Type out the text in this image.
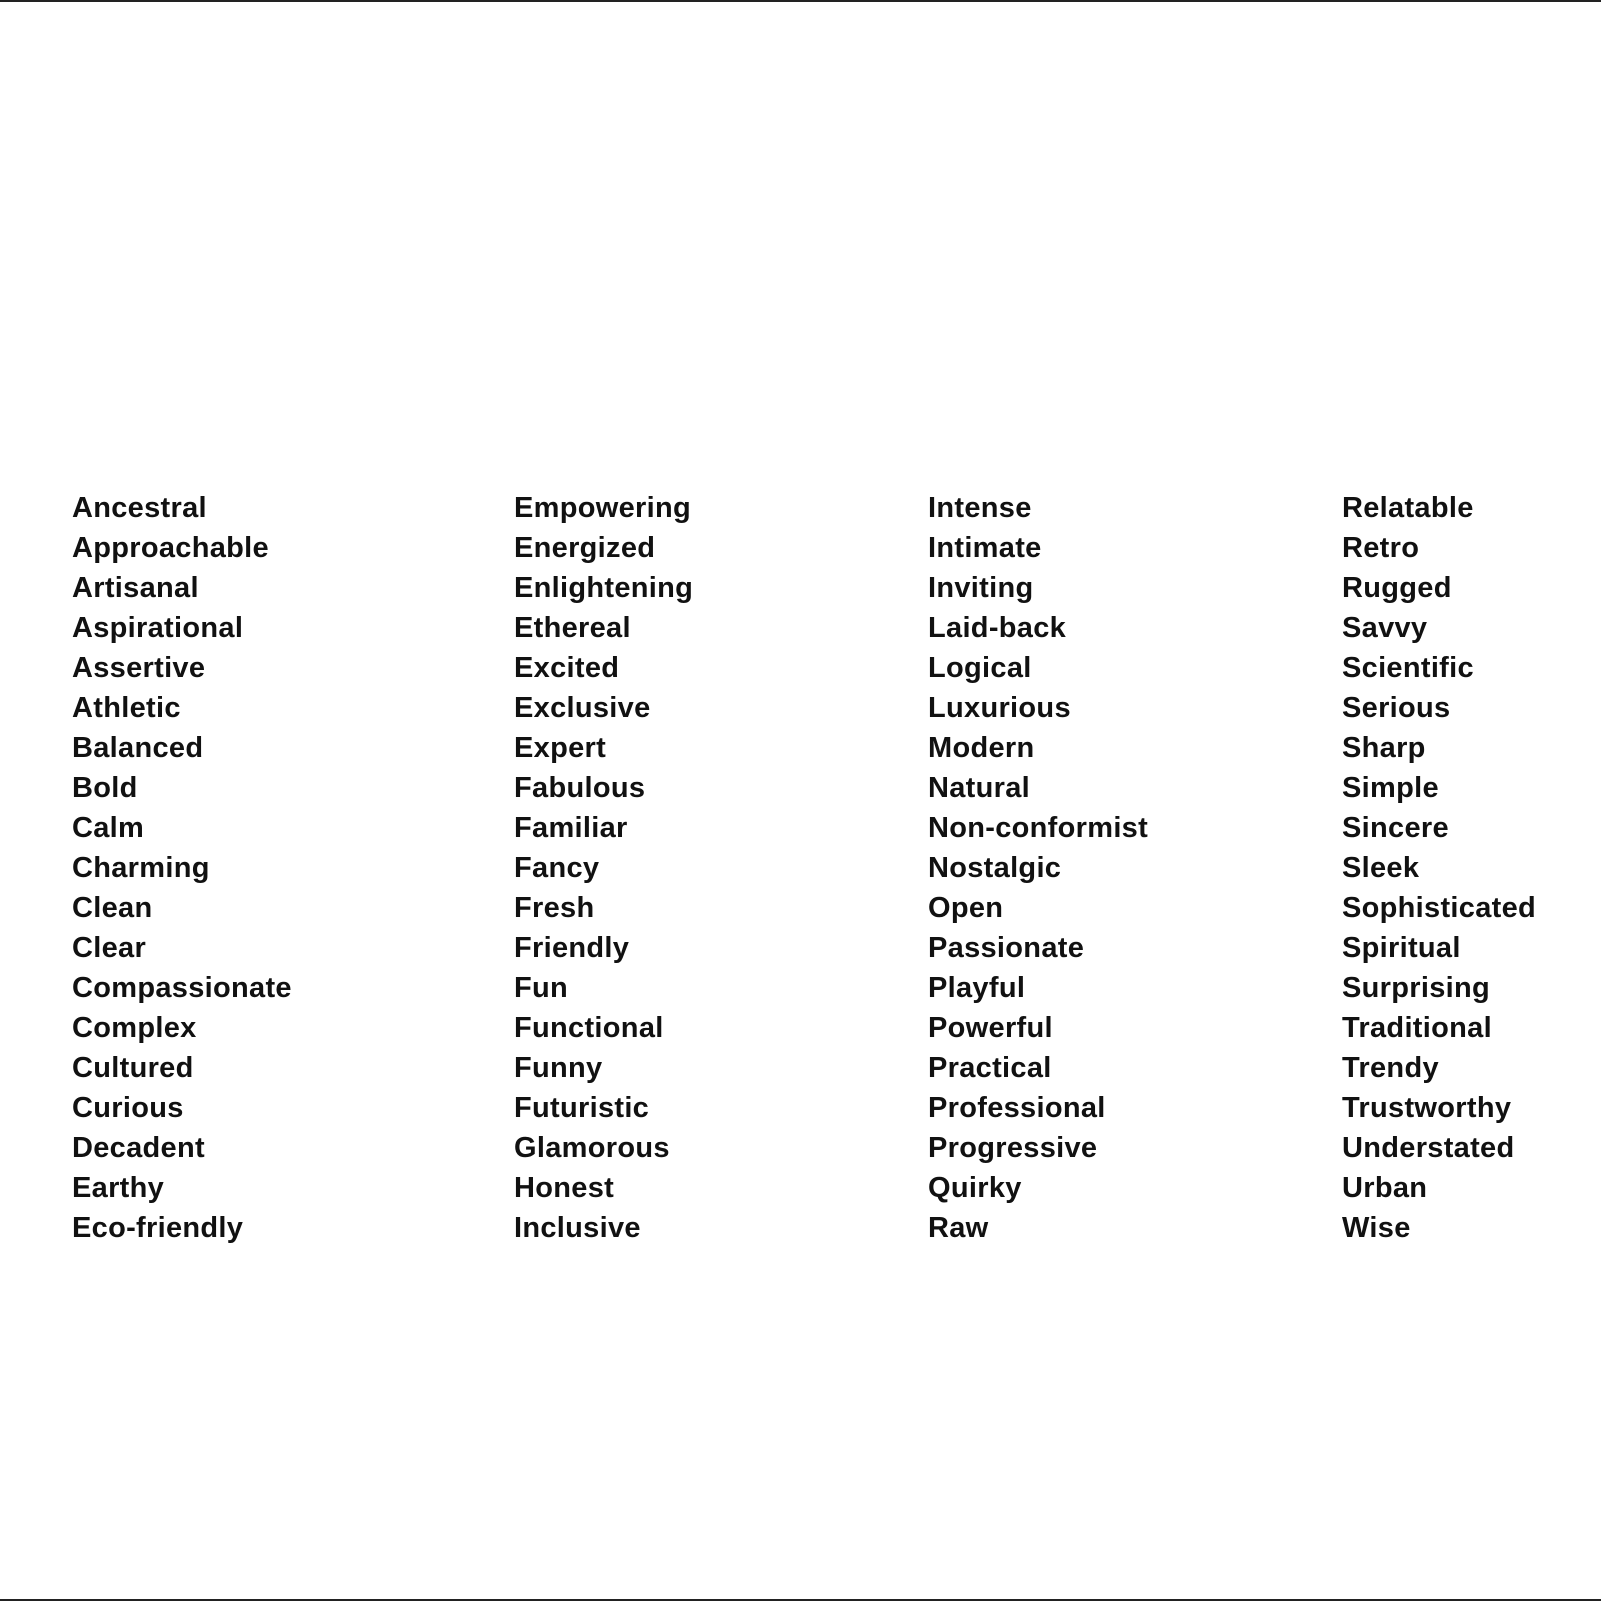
Ancestral
Approachable
Artisanal
Aspirational
Assertive
Athletic
Balanced
Bold
Calm
Charming
Clean
Clear
Compassionate
Complex
Cultured
Curious
Decadent
Earthy
Eco-friendly
Empowering
Energized
Enlightening
Ethereal
Excited
Exclusive
Expert
Fabulous
Familiar
Fancy
Fresh
Friendly
Fun
Functional
Funny
Futuristic
Glamorous
Honest
Inclusive
Intense
Intimate
Inviting
Laid-back
Logical
Luxurious
Modern
Natural
Non-conformist
Nostalgic
Open
Passionate
Playful
Powerful
Practical
Professional
Progressive
Quirky
Raw
Relatable
Retro
Rugged
Savvy
Scientific
Serious
Sharp
Simple
Sincere
Sleek
Sophisticated
Spiritual
Surprising
Traditional
Trendy
Trustworthy
Understated
Urban
Wise
